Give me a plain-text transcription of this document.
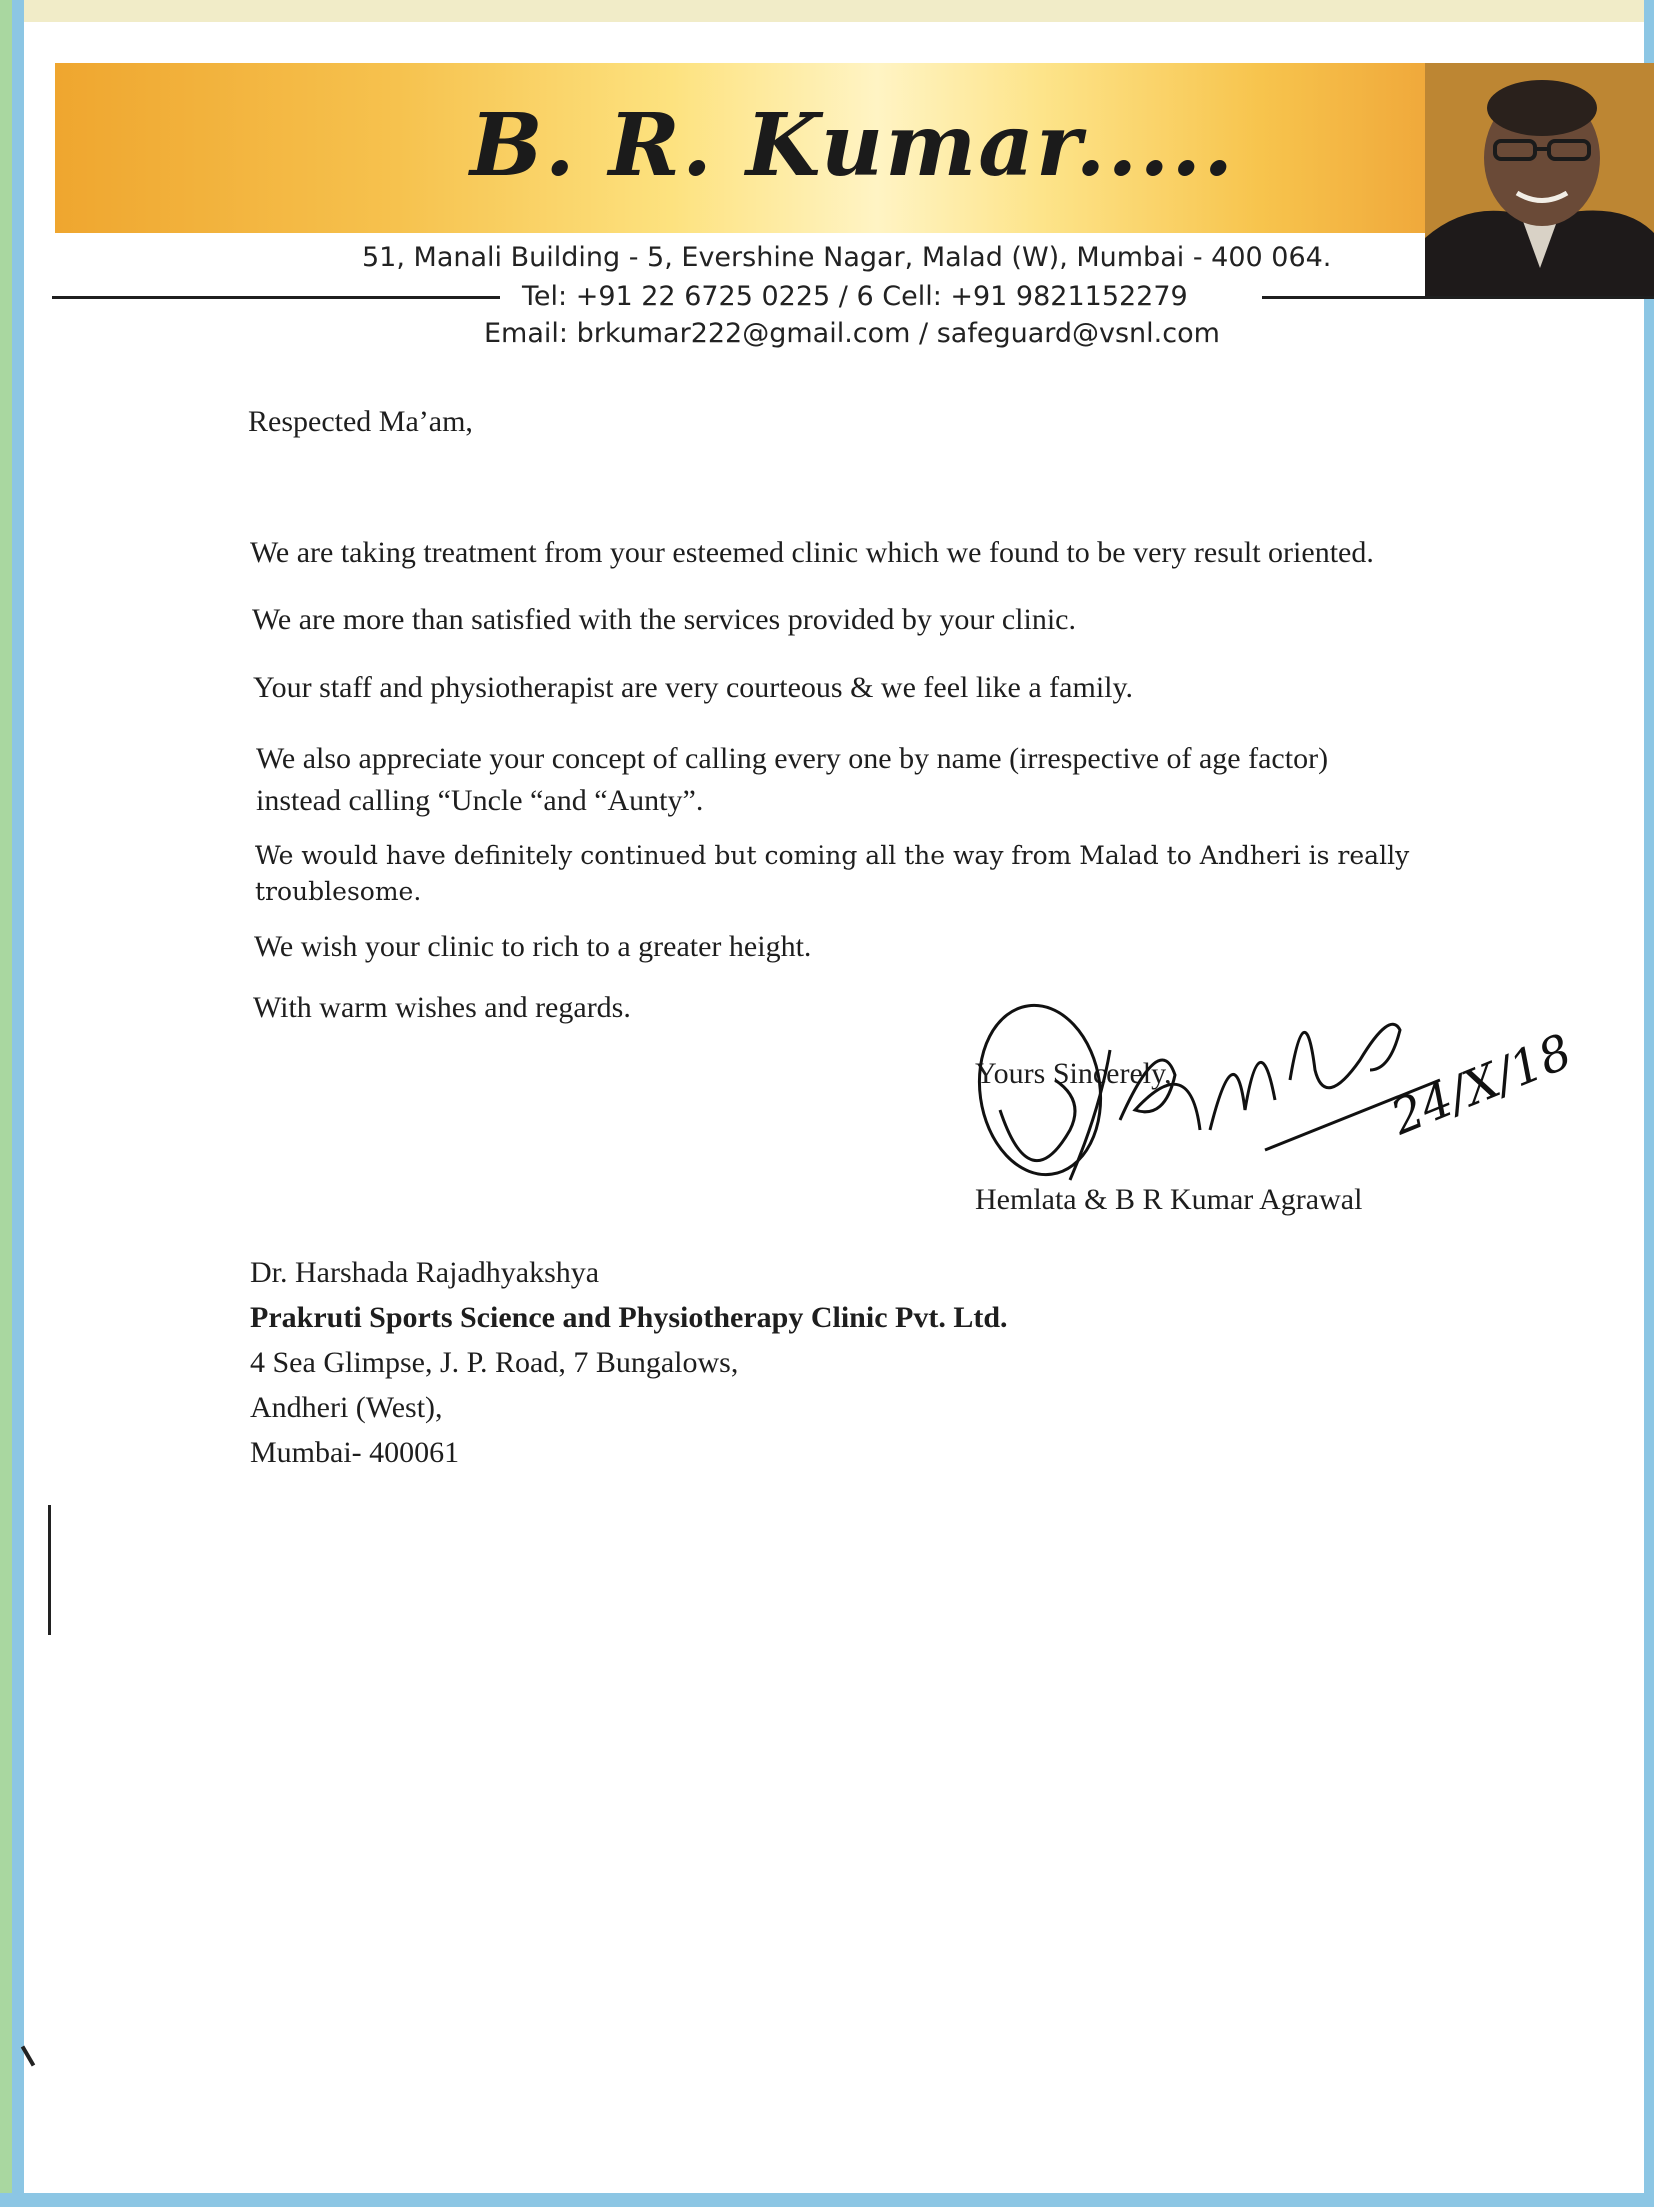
B. R. Kumar.....
51, Manali Building - 5, Evershine Nagar, Malad (W), Mumbai - 400 064.
Tel: +91 22 6725 0225 / 6 Cell: +91 9821152279
Email: brkumar222@gmail.com / safeguard@vsnl.com
Respected Ma’am,
We are taking treatment from your esteemed clinic which we found to be very result oriented.
We are more than satisfied with the services provided by your clinic.
Your staff and physiotherapist are very courteous & we feel like a family.
We also appreciate your concept of calling every one by name (irrespective of age factor)
instead calling “Uncle “and “Aunty”.
We would have definitely continued but coming all the way from Malad to Andheri is really
troublesome.
We wish your clinic to rich to a greater height.
With warm wishes and regards.
Yours Sincerely,	24/X/18
Hemlata & B R Kumar Agrawal
Dr. Harshada Rajadhyakshya
Prakruti Sports Science and Physiotherapy Clinic Pvt. Ltd.
4 Sea Glimpse, J. P. Road, 7 Bungalows,
Andheri (West),
Mumbai- 400061
